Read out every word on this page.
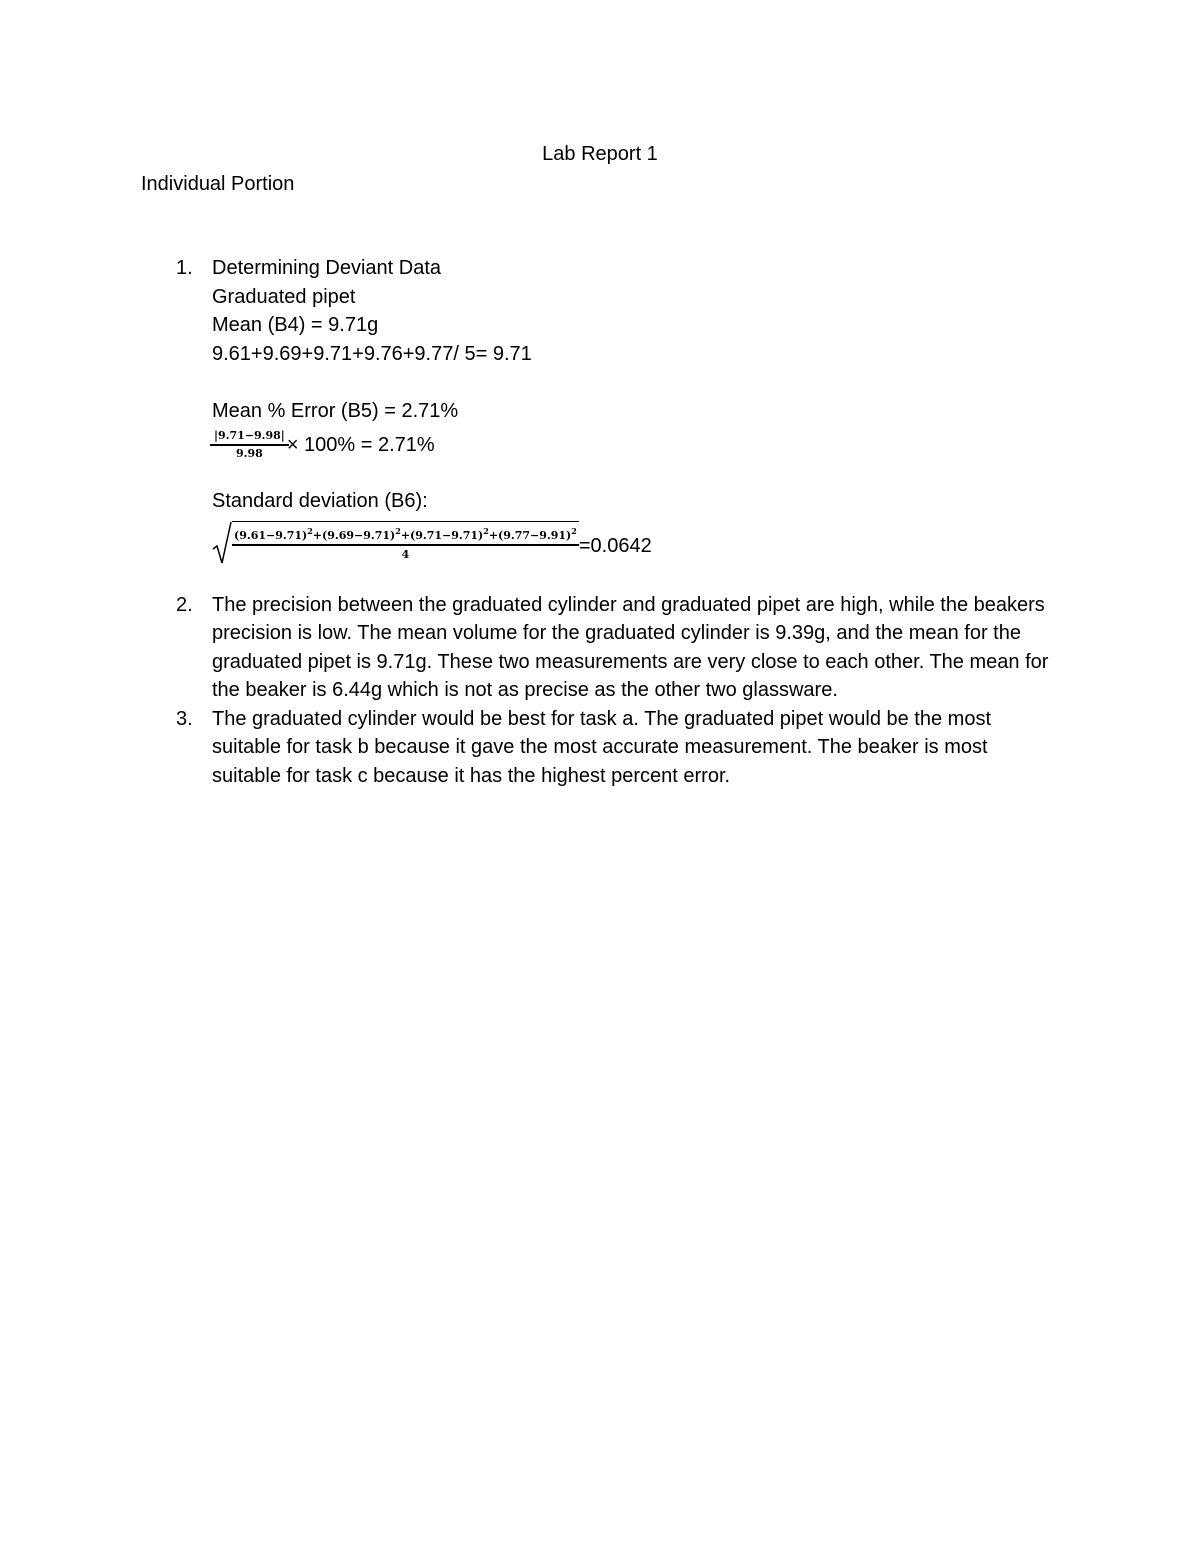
Lab Report 1
Individual Portion
1. Determining Deviant Data
Graduated pipet
Mean (B4) = 9.71g
9.61+9.69+9.71+9.76+9.77/ 5= 9.71
Mean % Error (B5) = 2.71%
$\frac{|9.71-9.98|}{9.98} \times 100\% = 2.71\%$
Standard deviation (B6):
$\frac{(9.61-9.71)^2+(9.69-9.71)^2+(9.71-9.71)^2+(9.77-9.91)^2}{4} =0.0642$
2. The precision between the graduated cylinder and graduated pipet are high, while the beakers precision is low. The mean volume for the graduated cylinder is 9.39g, and the mean for the graduated pipet is 9.71g. These two measurements are very close to each other. The mean for the beaker is 6.44g which is not as precise as the other two glassware.
3. The graduated cylinder would be best for task a. The graduated pipet would be the most suitable for task b because it gave the most accurate measurement. The beaker is most suitable for task c because it has the highest percent error.
